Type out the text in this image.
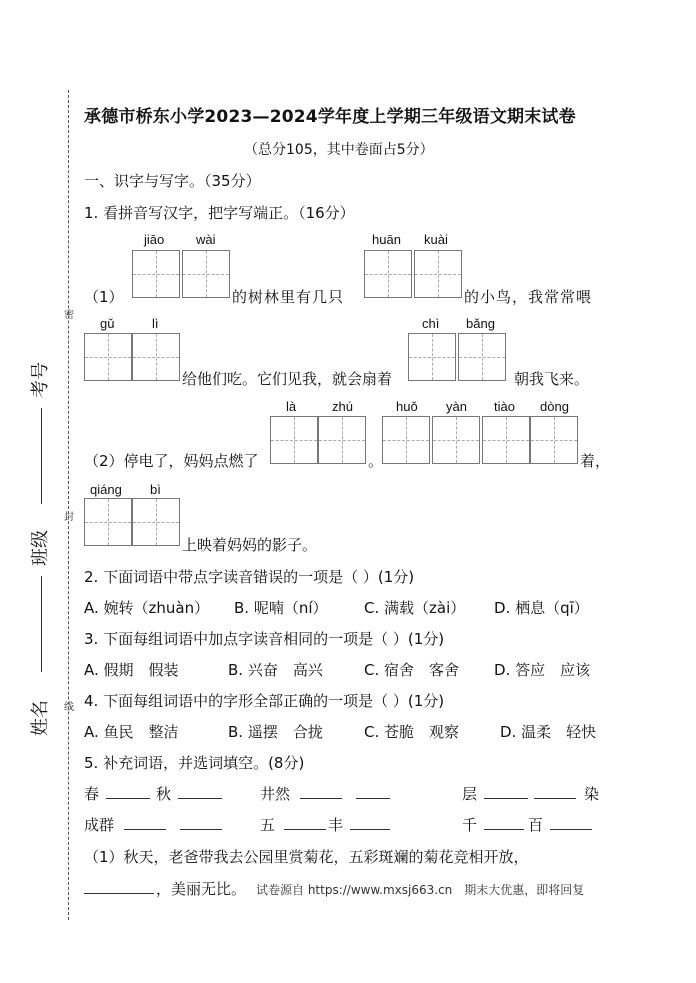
密
封
线
考号
班级
姓名
承德市桥东小学2023—2024学年度上学期三年级语文期末试卷
（总分105，其中卷面占5分）
一、识字与写字。（35分）
1. 看拼音写汉字，把字写端正。（16分）
jiāo wài	huān kuài
（1）	的树林里有几只	的小鸟，我常常喂
gǔ	lì	chì bǎng
给他们吃。它们见我，就会扇着	朝我飞来。
là	zhú	huǒ yàn tiào dòng
（2）停电了，妈妈点燃了	。	着，
qiáng bì
上映着妈妈的影子。
2. 下面词语中带点字读音错误的一项是（ ）(1分)
A. 婉转（zhuàn） B. 呢喃（ní） C. 满载（zài） D. 栖息（qī）
3. 下面每组词语中加点字读音相同的一项是（ ）(1分)
A. 假期　假装	B. 兴奋　高兴	C. 宿舍　客舍 D. 答应　应该
4. 下面每组词语中的字形全部正确的一项是（ ）(1分)
A. 鱼民　整洁	B. 遥摆　合拢	C. 苍脆　观察	D. 温柔　轻快
5. 补充词语，并选词填空。(8分)
春	秋	井然	层	染
成群	五	丰	千	百
（1）秋天，老爸带我去公园里赏菊花，五彩斑斓的菊花竞相开放，
，美丽无比。 试卷源自 https://www.mxsj663.cn　期末大优惠，即将回复
